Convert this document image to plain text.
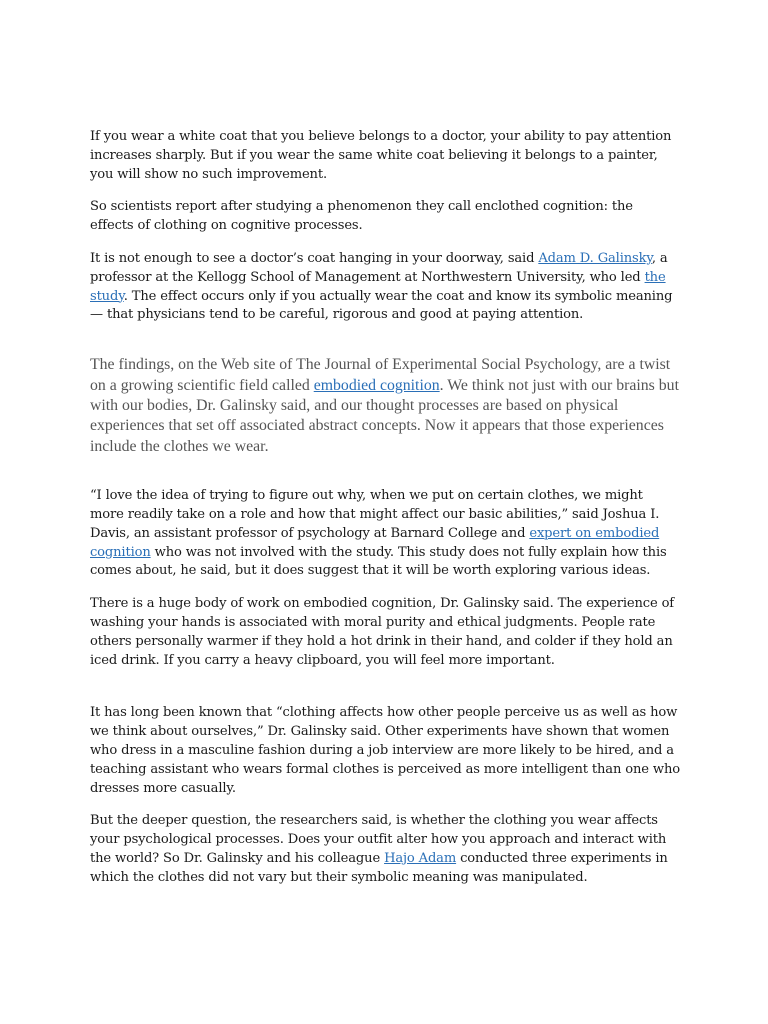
If you wear a white coat that you believe belongs to a doctor, your ability to pay attention increases sharply. But if you wear the same white coat believing it belongs to a painter, you will show no such improvement.

So scientists report after studying a phenomenon they call enclothed cognition: the effects of clothing on cognitive processes.

It is not enough to see a doctor’s coat hanging in your doorway, said Adam D. Galinsky, a professor at the Kellogg School of Management at Northwestern University, who led the study. The effect occurs only if you actually wear the coat and know its symbolic meaning — that physicians tend to be careful, rigorous and good at paying attention.

The findings, on the Web site of The Journal of Experimental Social Psychology, are a twist on a growing scientific field called embodied cognition. We think not just with our brains but with our bodies, Dr. Galinsky said, and our thought processes are based on physical experiences that set off associated abstract concepts. Now it appears that those experiences include the clothes we wear.

“I love the idea of trying to figure out why, when we put on certain clothes, we might more readily take on a role and how that might affect our basic abilities,” said Joshua I. Davis, an assistant professor of psychology at Barnard College and expert on embodied cognition who was not involved with the study. This study does not fully explain how this comes about, he said, but it does suggest that it will be worth exploring various ideas.

There is a huge body of work on embodied cognition, Dr. Galinsky said. The experience of washing your hands is associated with moral purity and ethical judgments. People rate others personally warmer if they hold a hot drink in their hand, and colder if they hold an iced drink. If you carry a heavy clipboard, you will feel more important.

It has long been known that “clothing affects how other people perceive us as well as how we think about ourselves,” Dr. Galinsky said. Other experiments have shown that women who dress in a masculine fashion during a job interview are more likely to be hired, and a teaching assistant who wears formal clothes is perceived as more intelligent than one who dresses more casually.

But the deeper question, the researchers said, is whether the clothing you wear affects your psychological processes. Does your outfit alter how you approach and interact with the world? So Dr. Galinsky and his colleague Hajo Adam conducted three experiments in which the clothes did not vary but their symbolic meaning was manipulated.
